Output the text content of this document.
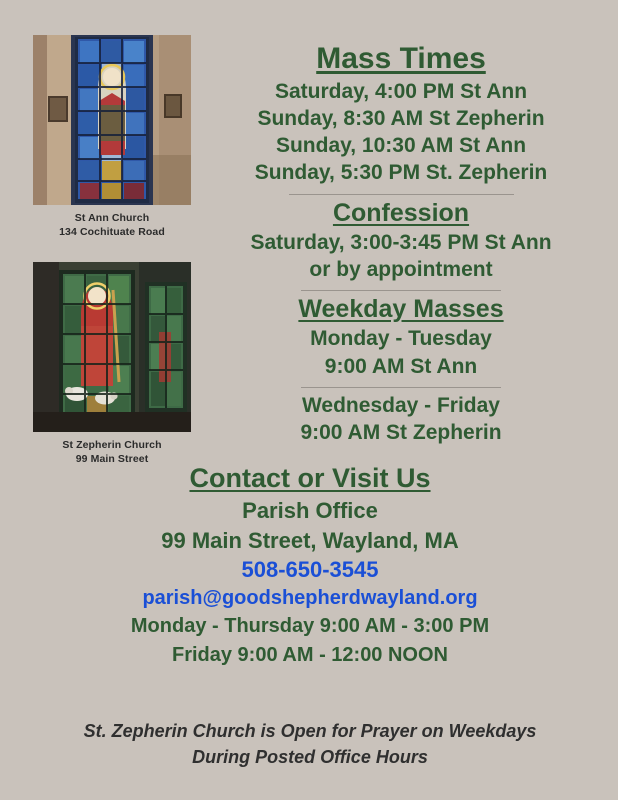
St Ann Church
134 Cochituate Road
St Zepherin Church
99 Main Street
Mass Times

Saturday, 4:00 PM St Ann

Sunday, 8:30 AM St Zepherin

Sunday, 10:30 AM St Ann

Sunday, 5:30 PM St. Zepherin

Confession

Saturday, 3:00-3:45 PM St Ann

or by appointment

Weekday Masses

Monday - Tuesday

9:00 AM St Ann

Wednesday - Friday

9:00 AM St Zepherin

Contact or Visit Us

Parish Office

99 Main Street, Wayland, MA

508-650-3545

parish@goodshepherdwayland.org

Monday - Thursday 9:00 AM - 3:00 PM

Friday 9:00 AM - 12:00 NOON

St. Zepherin Church is Open for Prayer on Weekdays

During Posted Office Hours
